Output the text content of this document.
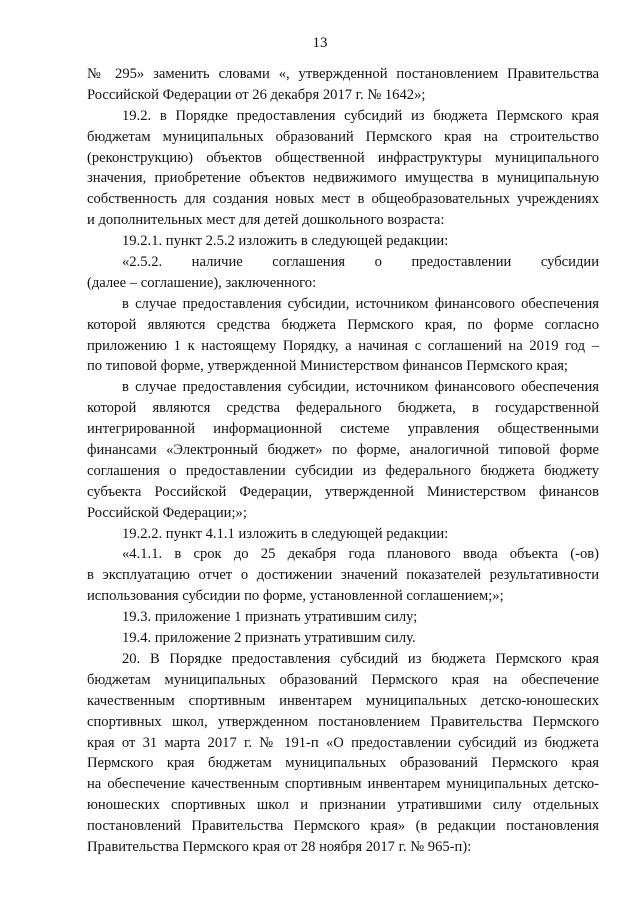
13
№ 295» заменить словами «, утвержденной постановлением Правительства
Российской Федерации от 26 декабря 2017 г. № 1642»;
19.2. в Порядке предоставления субсидий из бюджета Пермского края
бюджетам муниципальных образований Пермского края на строительство
(реконструкцию) объектов общественной инфраструктуры муниципального
значения, приобретение объектов недвижимого имущества в муниципальную
собственность для создания новых мест в общеобразовательных учреждениях
и дополнительных мест для детей дошкольного возраста:
19.2.1. пункт 2.5.2 изложить в следующей редакции:
«2.5.2. наличие соглашения о предоставлении субсидии
(далее – соглашение), заключенного:
в случае предоставления субсидии, источником финансового обеспечения
которой являются средства бюджета Пермского края, по форме согласно
приложению 1 к настоящему Порядку, а начиная с соглашений на 2019 год –
по типовой форме, утвержденной Министерством финансов Пермского края;
в случае предоставления субсидии, источником финансового обеспечения
которой являются средства федерального бюджета, в государственной
интегрированной информационной системе управления общественными
финансами «Электронный бюджет» по форме, аналогичной типовой форме
соглашения о предоставлении субсидии из федерального бюджета бюджету
субъекта Российской Федерации, утвержденной Министерством финансов
Российской Федерации;»;
19.2.2. пункт 4.1.1 изложить в следующей редакции:
«4.1.1. в срок до 25 декабря года планового ввода объекта (-ов)
в эксплуатацию отчет о достижении значений показателей результативности
использования субсидии по форме, установленной соглашением;»;
19.3. приложение 1 признать утратившим силу;
19.4. приложение 2 признать утратившим силу.
20. В Порядке предоставления субсидий из бюджета Пермского края
бюджетам муниципальных образований Пермского края на обеспечение
качественным спортивным инвентарем муниципальных детско-юношеских
спортивных школ, утвержденном постановлением Правительства Пермского
края от 31 марта 2017 г. № 191-п «О предоставлении субсидий из бюджета
Пермского края бюджетам муниципальных образований Пермского края
на обеспечение качественным спортивным инвентарем муниципальных детско-
юношеских спортивных школ и признании утратившими силу отдельных
постановлений Правительства Пермского края» (в редакции постановления
Правительства Пермского края от 28 ноября 2017 г. № 965-п):
